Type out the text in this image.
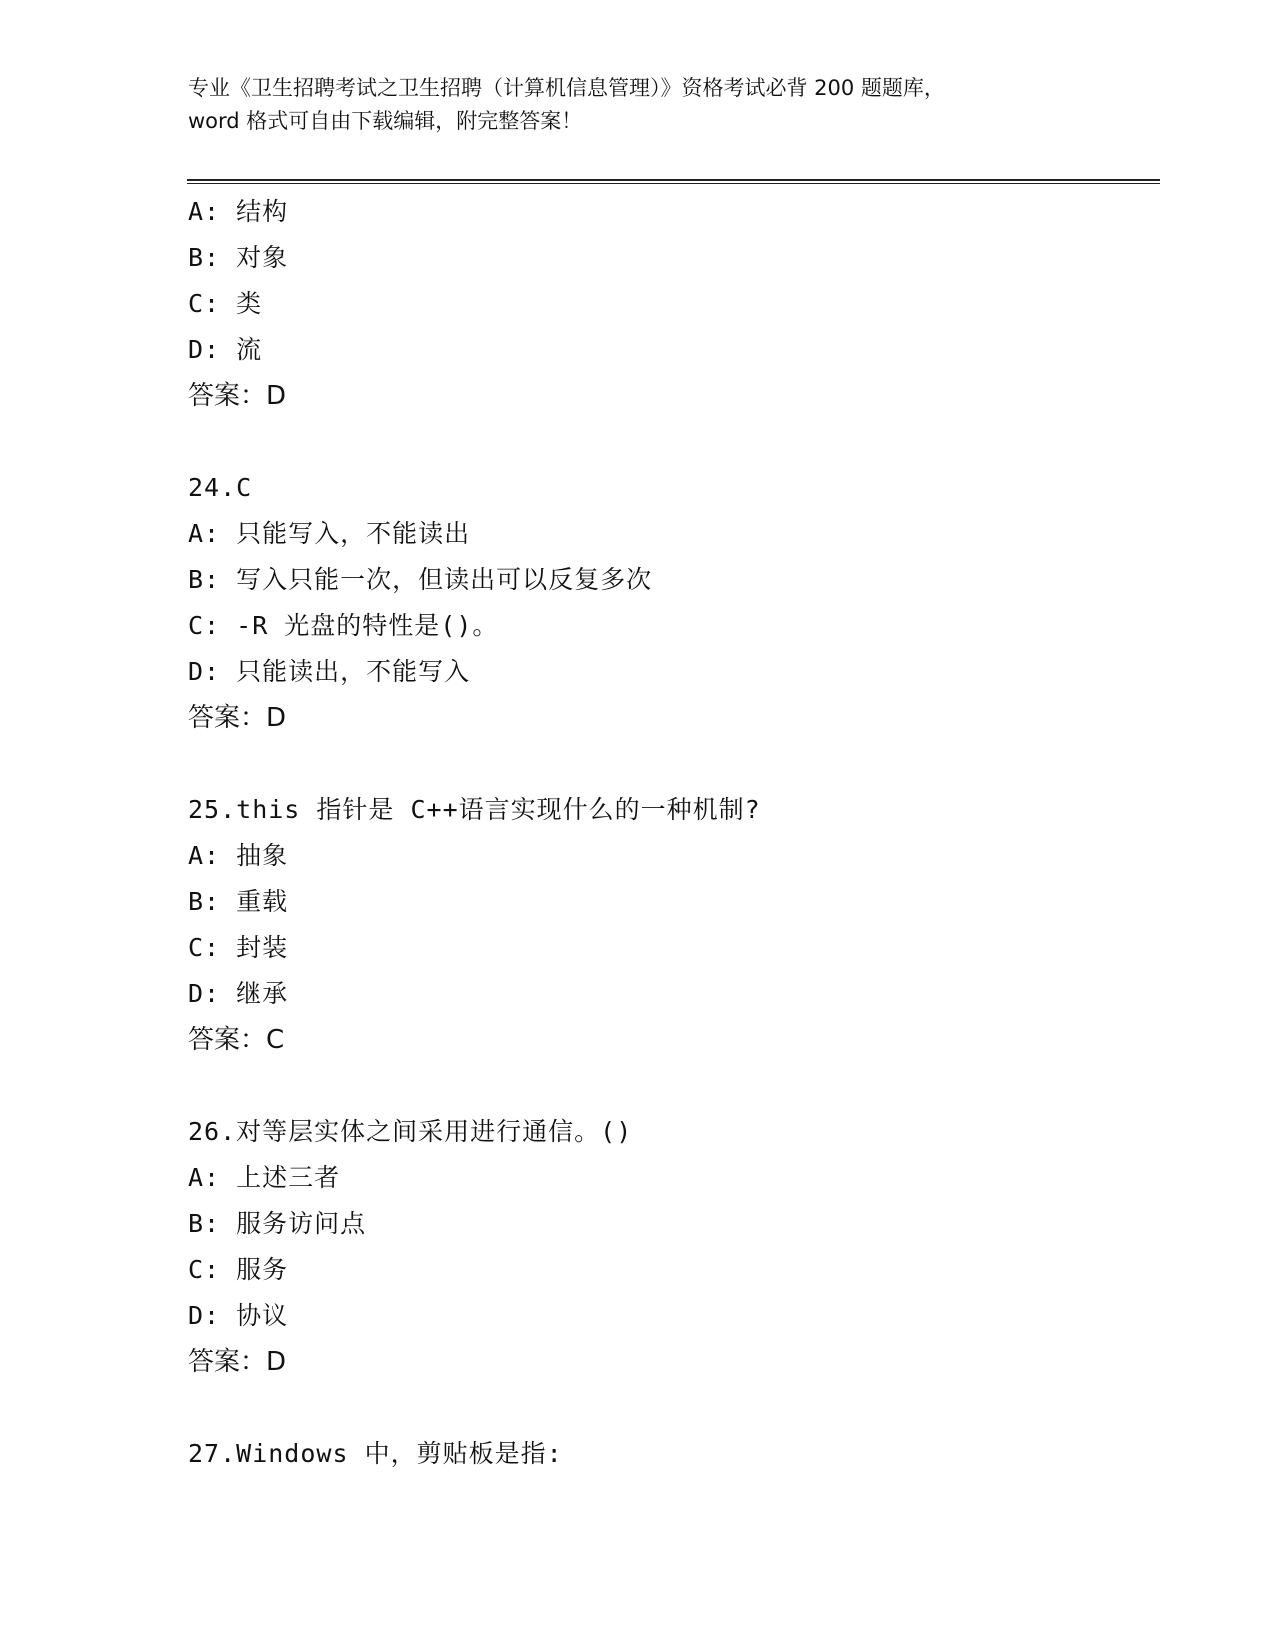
专业《卫生招聘考试之卫生招聘（计算机信息管理）》资格考试必背 200 题题库，
word 格式可自由下载编辑，附完整答案！
A: 结构
B: 对象
C: 类
D: 流
答案：D
24.C
A: 只能写入，不能读出
B: 写入只能一次，但读出可以反复多次
C: -R 光盘的特性是()。
D: 只能读出，不能写入
答案：D
25.this 指针是 C++语言实现什么的一种机制?
A: 抽象
B: 重载
C: 封装
D: 继承
答案：C
26.对等层实体之间采用进行通信。()
A: 上述三者
B: 服务访问点
C: 服务
D: 协议
答案：D
27.Windows 中，剪贴板是指:
